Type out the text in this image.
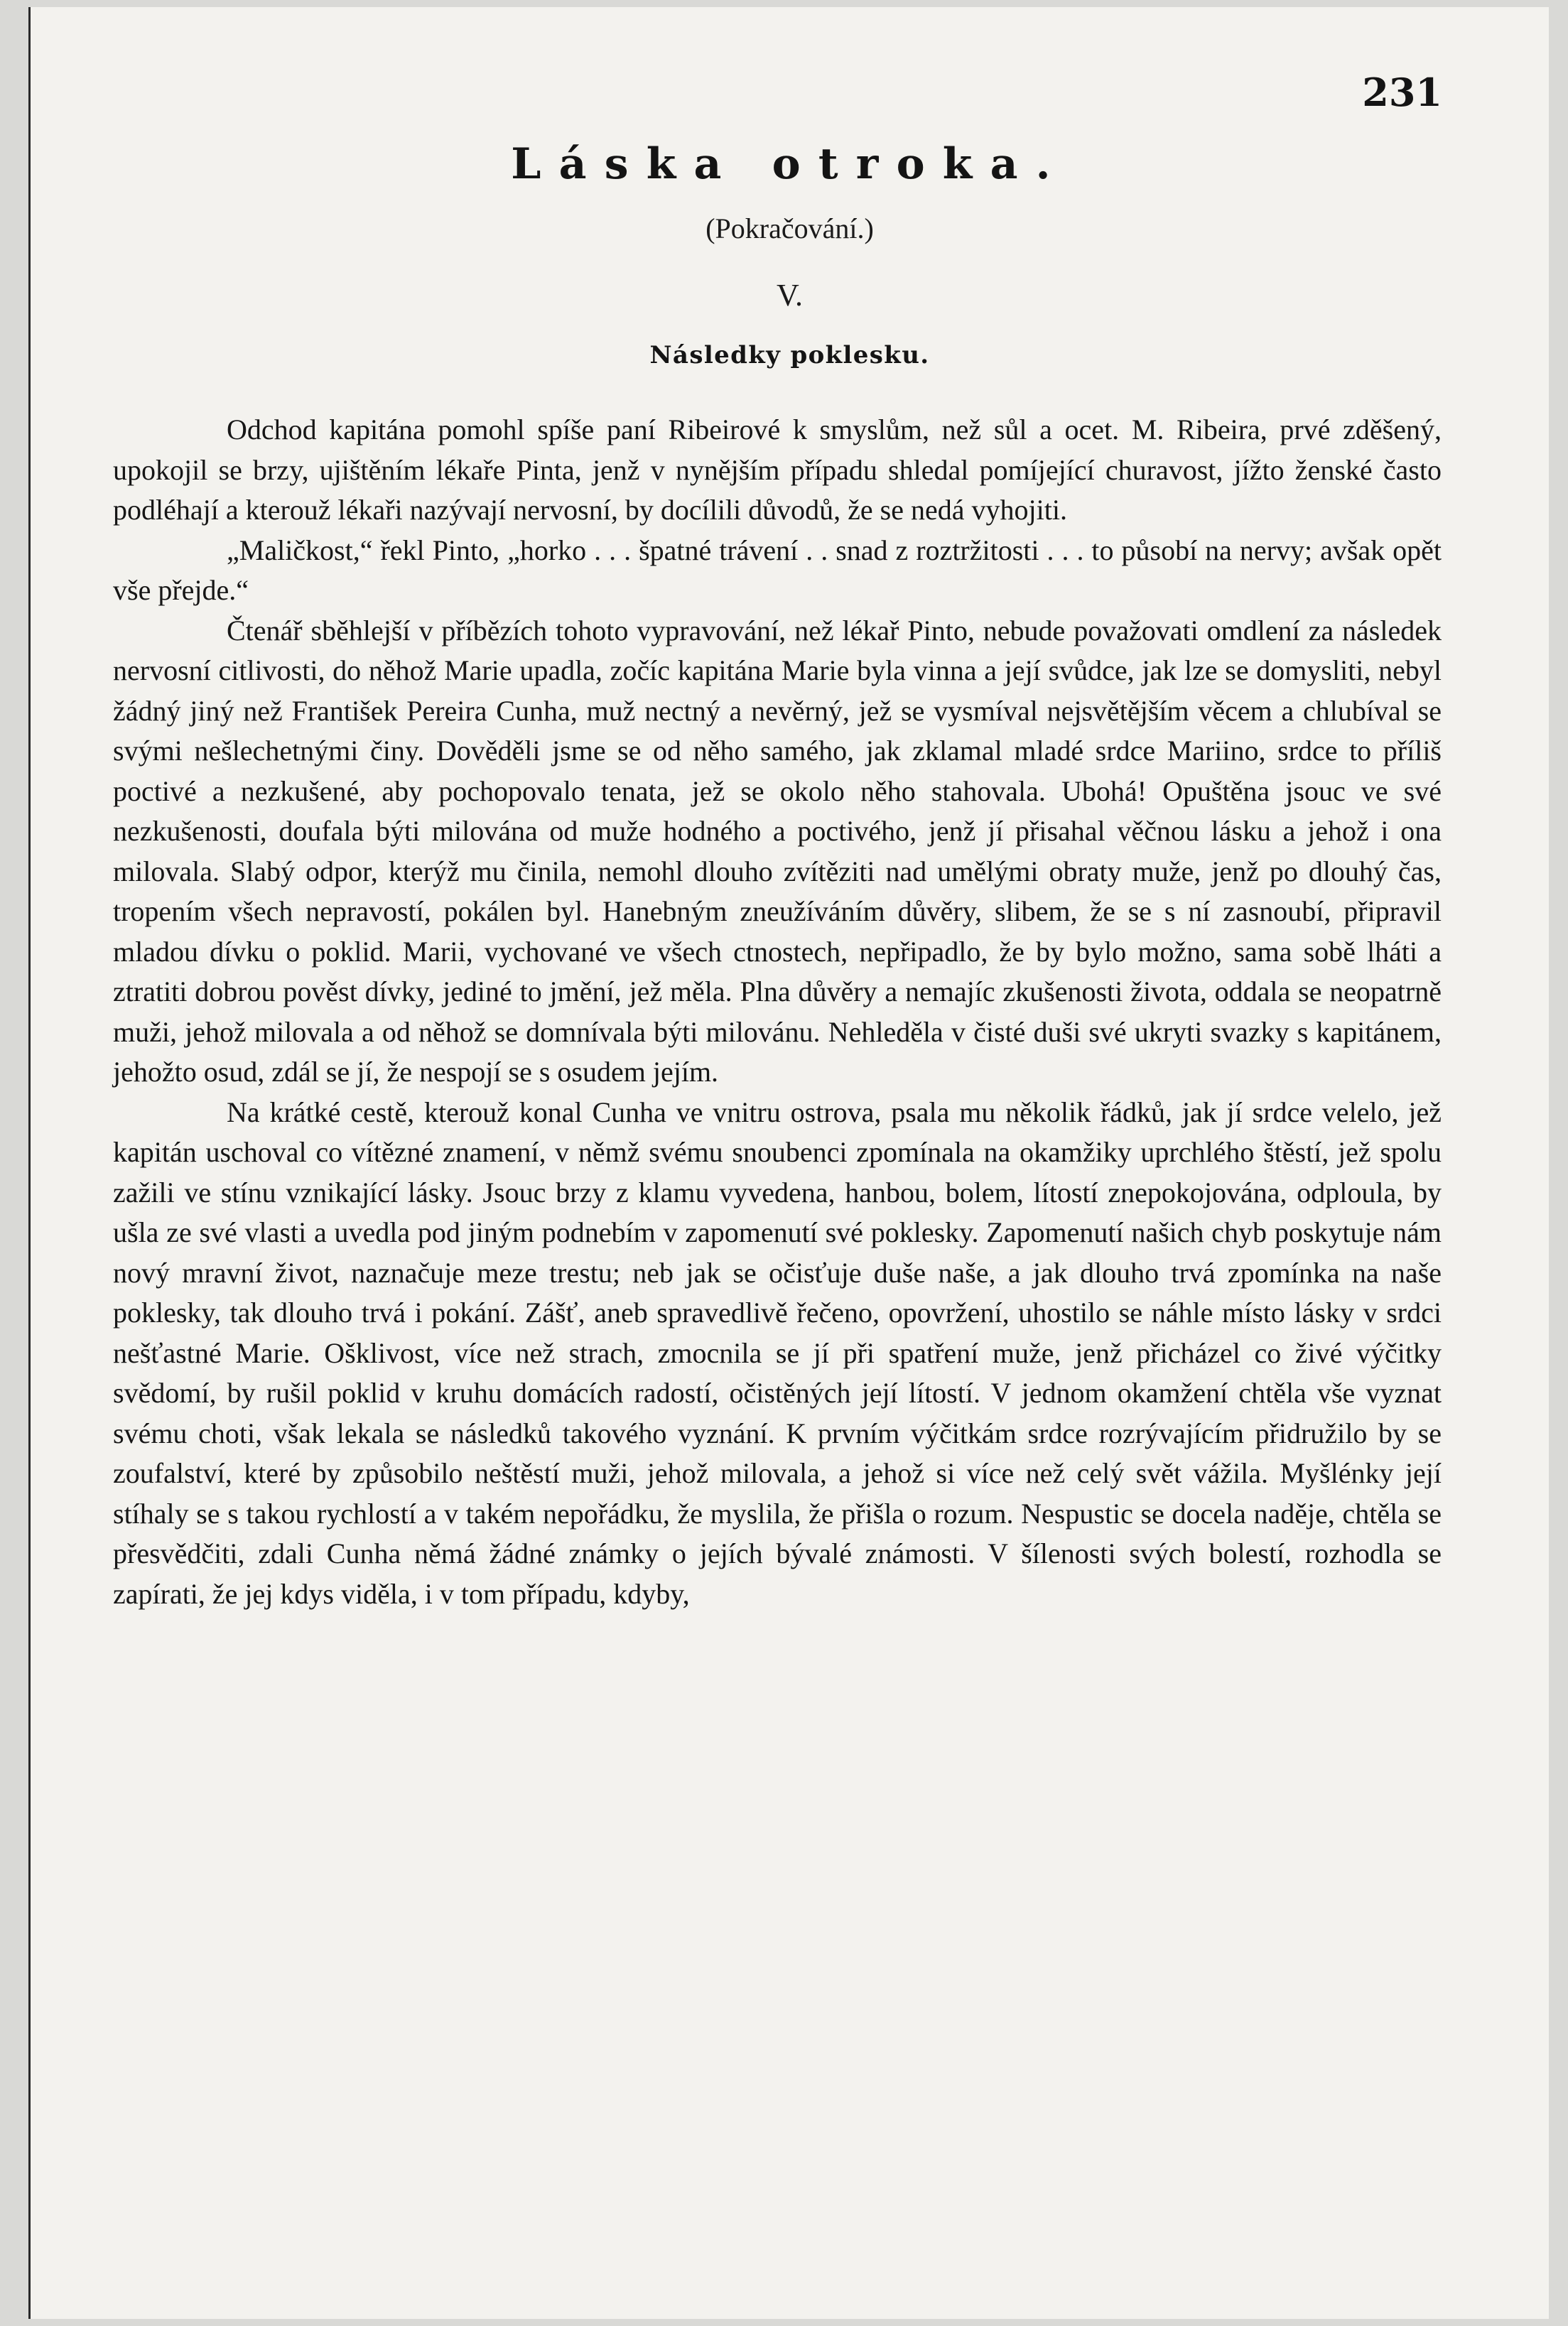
231
Láska otroka.
(Pokračování.)
V.
Následky poklesku.

Odchod kapitána pomohl spíše paní Ribeirové k smyslům, než sůl a ocet. M. Ribeira, prvé zděšený, upokojil se brzy, ujištěním lékaře Pinta, jenž v nynějším případu shledal pomíjející churavost, jížto ženské často podléhají a kterouž lékaři nazývají nervosní, by docílili důvodů, že se nedá vyhojiti.

„Maličkost,“ řekl Pinto, „horko . . . špatné trávení . . snad z roztržitosti . . . to působí na nervy; avšak opět vše přejde.“

Čtenář sběhlejší v příbězích tohoto vypravování, než lékař Pinto, nebude považovati omdlení za následek nervosní citlivosti, do něhož Marie upadla, zočíc kapitána Marie byla vinna a její svůdce, jak lze se domysliti, nebyl žádný jiný než František Pereira Cunha, muž nectný a nevěrný, jež se vysmíval nejsvětějším věcem a chlubíval se svými nešlechetnými činy. Dověděli jsme se od něho samého, jak zklamal mladé srdce Mariino, srdce to příliš poctivé a nezkušené, aby pochopovalo tenata, jež se okolo něho stahovala. Ubohá! Opuštěna jsouc ve své nezkušenosti, doufala býti milována od muže hodného a poctivého, jenž jí přisahal věčnou lásku a jehož i ona milovala. Slabý odpor, kterýž mu činila, nemohl dlouho zvítěziti nad umělými obraty muže, jenž po dlouhý čas, tropením všech nepravostí, pokálen byl. Hanebným zneužíváním důvěry, slibem, že se s ní zasnoubí, připravil mladou dívku o poklid. Marii, vychované ve všech ctnostech, nepřipadlo, že by bylo možno, sama sobě lháti a ztratiti dobrou pověst dívky, jediné to jmění, jež měla. Plna důvěry a nemajíc zkušenosti života, oddala se neopatrně muži, jehož milovala a od něhož se domnívala býti milovánu. Nehleděla v čisté duši své ukryti svazky s kapitánem, jehožto osud, zdál se jí, že nespojí se s osudem jejím.

Na krátké cestě, kterouž konal Cunha ve vnitru ostrova, psala mu několik řádků, jak jí srdce velelo, jež kapitán uschoval co vítězné znamení, v němž svému snoubenci zpomínala na okamžiky uprchlého štěstí, jež spolu zažili ve stínu vznikající lásky. Jsouc brzy z klamu vyvedena, hanbou, bolem, lítostí znepokojována, odploula, by ušla ze své vlasti a uvedla pod jiným podnebím v zapomenutí své poklesky. Zapomenutí našich chyb poskytuje nám nový mravní život, naznačuje meze trestu; neb jak se očisťuje duše naše, a jak dlouho trvá zpomínka na naše poklesky, tak dlouho trvá i pokání. Zášť, aneb spravedlivě řečeno, opovržení, uhostilo se náhle místo lásky v srdci nešťastné Marie. Ošklivost, více než strach, zmocnila se jí při spatření muže, jenž přicházel co živé výčitky svědomí, by rušil poklid v kruhu domácích radostí, očistěných její lítostí. V jednom okamžení chtěla vše vyznat svému choti, však lekala se následků takového vyznání. K prvním výčitkám srdce rozrývajícím přidružilo by se zoufalství, které by způsobilo neštěstí muži, jehož milovala, a jehož si více než celý svět vážila. Myšlénky její stíhaly se s takou rychlostí a v takém nepořádku, že myslila, že přišla o rozum. Nespustic se docela naděje, chtěla se přesvědčiti, zdali Cunha němá žádné známky o jejích bývalé známosti. V šílenosti svých bolestí, rozhodla se zapírati, že jej kdys viděla, i v tom případu, kdyby,
